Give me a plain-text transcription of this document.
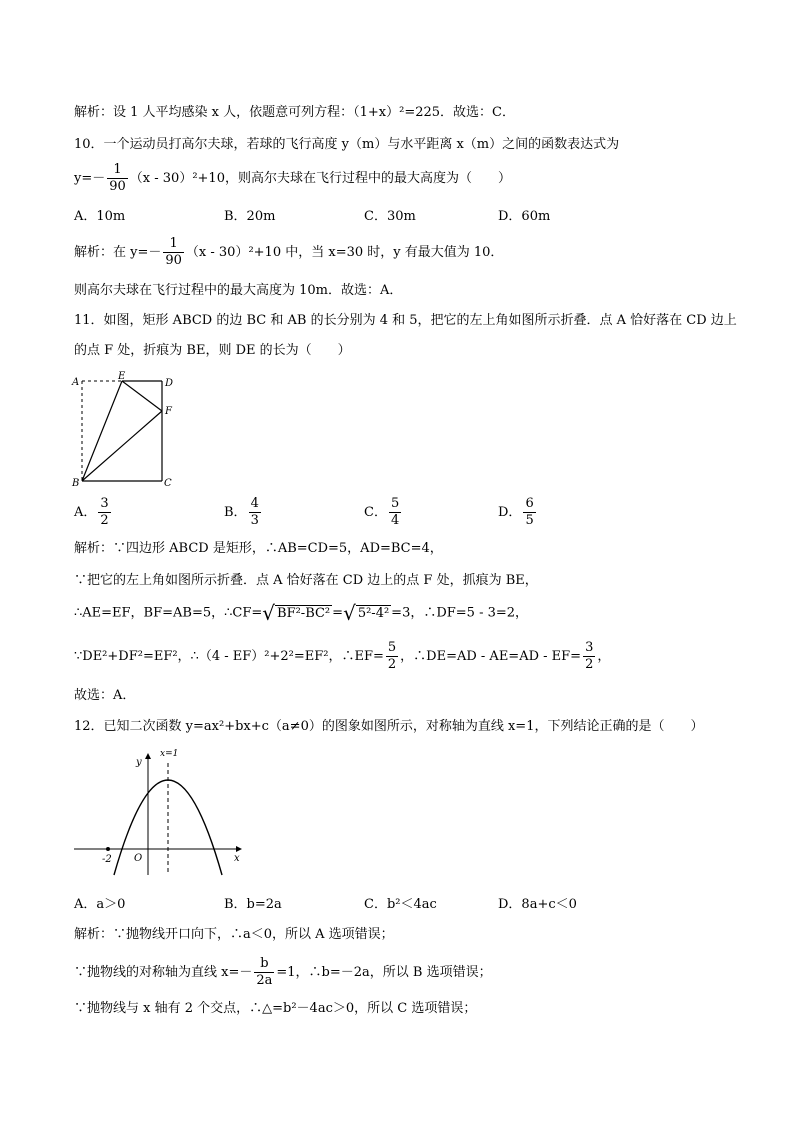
解析：设 1 人平均感染 x 人，依题意可列方程：（1+x）²=225．故选：C．
10．一个运动员打高尔夫球，若球的飞行高度 y（m）与水平距离 x（m）之间的函数表达式为
$y=- \frac{1}{90} (x - 30)^2+10$，则高尔夫球在飞行过程中的最大高度为（　　）
A．10m	B．20m	C．30m	D．60m
解析：在 $y=- \frac{1}{90} (x - 30)^2+10$ 中，当 x=30 时，y 有最大值为 10．
则高尔夫球在飞行过程中的最大高度为 10m．故选：A．
11．如图，矩形 ABCD 的边 BC 和 AB 的长分别为 4 和 5，把它的左上角如图所示折叠．点 A 恰好落在 CD 边上
的点 F 处，折痕为 BE，则 DE 的长为（　　）
A
E
D
F
B	C
A． $\frac{3}{2}$	B． $\frac{4}{3}$	C． $\frac{5}{4}$	D． $\frac{6}{5}$
解析：∵四边形 ABCD 是矩形，∴AB=CD=5，AD=BC=4，
∵把它的左上角如图所示折叠．点 A 恰好落在 CD 边上的点 F 处，抓痕为 BE，
∴AE=EF，BF=AB=5，∴CF=√ BF²-BC² =√ 5²-4² =3，∴DF=5 - 3=2，
∵DE²+DF²=EF²，∴（4 - EF）²+2²=EF²，∴EF= $\frac{5}{2}$ ，∴DE=AD - $AE=AD - EF= \frac{3}{2}$ ，
故选：A．
12．已知二次函数 y=ax²+bx+c（a≠0）的图象如图所示，对称轴为直线 x=1，下列结论正确的是（　　）
-2 O
y
x
x=1
A．a＞0	B．b=2a	C．b²＜4ac	D．8a+c＜0
解析：∵抛物线开口向下，∴a＜0，所以 A 选项错误；
∵抛物线的对称轴为直线 $x=- \frac{b}{2a} =1$，∴b=－2a，所以 B 选项错误；
∵抛物线与 x 轴有 2 个交点，∴△=b²－4ac＞0，所以 C 选项错误；
